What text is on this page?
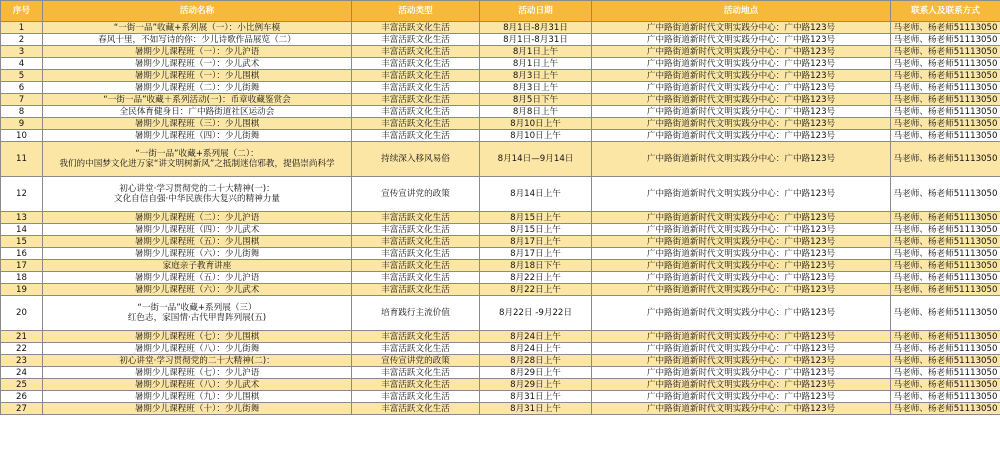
序号	活动名称	活动类型	活动日期	活动地点	联系人及联系方式
1	“一街一品”收藏+系列展（一）：小比例车模	丰富活跃文化生活	8月1日-8月31日	广中路街道新时代文明实践分中心：广中路123号	马老师、杨老师51113050
2	春风十里，不如写诗的你：少儿诗歌作品展览（二）	丰富活跃文化生活	8月1日-8月31日	广中路街道新时代文明实践分中心：广中路123号	马老师、杨老师51113050
3	暑期少儿课程班（一）：少儿沪语	丰富活跃文化生活	8月1日上午	广中路街道新时代文明实践分中心：广中路123号	马老师、杨老师51113050
4	暑期少儿课程班（一）：少儿武术	丰富活跃文化生活	8月1日上午	广中路街道新时代文明实践分中心：广中路123号	马老师、杨老师51113050
5	暑期少儿课程班（一）：少儿围棋	丰富活跃文化生活	8月3日上午	广中路街道新时代文明实践分中心：广中路123号	马老师、杨老师51113050
6	暑期少儿课程班（二）：少儿街舞	丰富活跃文化生活	8月3日上午	广中路街道新时代文明实践分中心：广中路123号	马老师、杨老师51113050
7	“一街一品”收藏＋系列活动(一)：币章收藏鉴赏会	丰富活跃文化生活	8月5日下午	广中路街道新时代文明实践分中心：广中路123号	马老师、杨老师51113050
8	全民体育健身日：广中路街道社区运动会	丰富活跃文化生活	8月8日上午	广中路街道新时代文明实践分中心：广中路123号	马老师、杨老师51113050
9	暑期少儿课程班（三）：少儿围棋	丰富活跃文化生活	8月10日上午	广中路街道新时代文明实践分中心：广中路123号	马老师、杨老师51113050
10	暑期少儿课程班（四）：少儿街舞	丰富活跃文化生活	8月10日上午	广中路街道新时代文明实践分中心：广中路123号	马老师、杨老师51113050
11	“一街一品”收藏+系列展（二）：
我们的中国梦文化进万家“讲文明树新风”之抵制迷信邪教，提倡崇尚科学	持续深入移风易俗	8月14日—9月14日	广中路街道新时代文明实践分中心：广中路123号	马老师、杨老师51113050
12	初心讲堂·学习贯彻党的二十大精神(一)：
文化自信自强·中华民族伟大复兴的精神力量	宣传宣讲党的政策	8月14日上午	广中路街道新时代文明实践分中心：广中路123号	马老师、杨老师51113050
13	暑期少儿课程班（二）：少儿沪语	丰富活跃文化生活	8月15日上午	广中路街道新时代文明实践分中心：广中路123号	马老师、杨老师51113050
14	暑期少儿课程班（四）：少儿武术	丰富活跃文化生活	8月15日上午	广中路街道新时代文明实践分中心：广中路123号	马老师、杨老师51113050
15	暑期少儿课程班（五）：少儿围棋	丰富活跃文化生活	8月17日上午	广中路街道新时代文明实践分中心：广中路123号	马老师、杨老师51113050
16	暑期少儿课程班（六）：少儿街舞	丰富活跃文化生活	8月17日上午	广中路街道新时代文明实践分中心：广中路123号	马老师、杨老师51113050
17	家庭亲子教育讲座	丰富活跃文化生活	8月18日下午	广中路街道新时代文明实践分中心：广中路123号	马老师、杨老师51113050
18	暑期少儿课程班（五）：少儿沪语	丰富活跃文化生活	8月22日上午	广中路街道新时代文明实践分中心：广中路123号	马老师、杨老师51113050
19	暑期少儿课程班（六）：少儿武术	丰富活跃文化生活	8月22日上午	广中路街道新时代文明实践分中心：广中路123号	马老师、杨老师51113050
20	“一街一品”收藏+系列展（三）
红色志，家国情·古代甲胄阵列展(五)	培育践行主流价值	8月22日 -9月22日	广中路街道新时代文明实践分中心：广中路123号	马老师、杨老师51113050
21	暑期少儿课程班（七）：少儿围棋	丰富活跃文化生活	8月24日上午	广中路街道新时代文明实践分中心：广中路123号	马老师、杨老师51113050
22	暑期少儿课程班（八）：少儿街舞	丰富活跃文化生活	8月24日上午	广中路街道新时代文明实践分中心：广中路123号	马老师、杨老师51113050
23	初心讲堂·学习贯彻党的二十大精神(二)：	宣传宣讲党的政策	8月28日上午	广中路街道新时代文明实践分中心：广中路123号	马老师、杨老师51113050
24	暑期少儿课程班（七）：少儿沪语	丰富活跃文化生活	8月29日上午	广中路街道新时代文明实践分中心：广中路123号	马老师、杨老师51113050
25	暑期少儿课程班（八）：少儿武术	丰富活跃文化生活	8月29日上午	广中路街道新时代文明实践分中心：广中路123号	马老师、杨老师51113050
26	暑期少儿课程班（九）：少儿围棋	丰富活跃文化生活	8月31日上午	广中路街道新时代文明实践分中心：广中路123号	马老师、杨老师51113050
27	暑期少儿课程班（十）：少儿街舞	丰富活跃文化生活	8月31日上午	广中路街道新时代文明实践分中心：广中路123号	马老师、杨老师51113050
